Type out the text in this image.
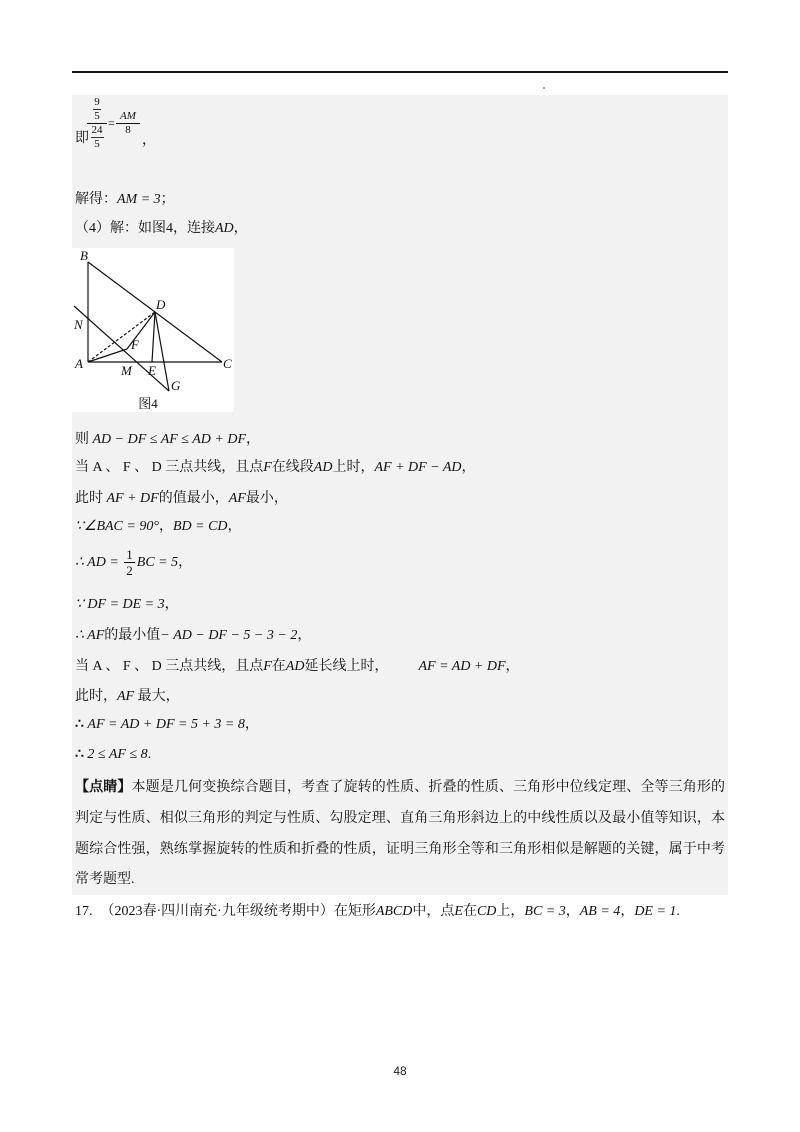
即
$\frac{\frac{9}{5}}{\frac{24}{5}} = \frac{AM}{8}$
，
解得：AM = 3；
（4）解：如图4，连接AD，
B
D
N
F
A	M E	C
G
图4
则 AD − DF ≤ AF ≤ AD + DF，
当 A 、 F 、 D 三点共线，且点F在线段AD上时，AF + DF − AD，
此时 AF + DF的值最小，AF最小，
∵∠BAC = 90°，BD = CD，
∴ AD = $\frac{1}{2}$ BC = 5，
∵ DF = DE = 3，
∴ AF的最小值− AD − DF − 5 − 3 − 2，
当 A 、 F 、 D 三点共线，且点F在AD延长线上时， AF = AD + DF，
此时，AF 最大，
∴ AF = AD + DF = 5 + 3 = 8，
∴ 2 ≤ AF ≤ 8.
【点睛】本题是几何变换综合题目，考查了旋转的性质、折叠的性质、三角形中位线定理、全等三角形的
判定与性质、相似三角形的判定与性质、勾股定理、直角三角形斜边上的中线性质以及最小值等知识，本
题综合性强，熟练掌握旋转的性质和折叠的性质，证明三角形全等和三角形相似是解题的关键，属于中考
常考题型.
17. （2023春·四川南充·九年级统考期中）在矩形ABCD中，点E在CD上，BC = 3，AB = 4，DE = 1.
48
